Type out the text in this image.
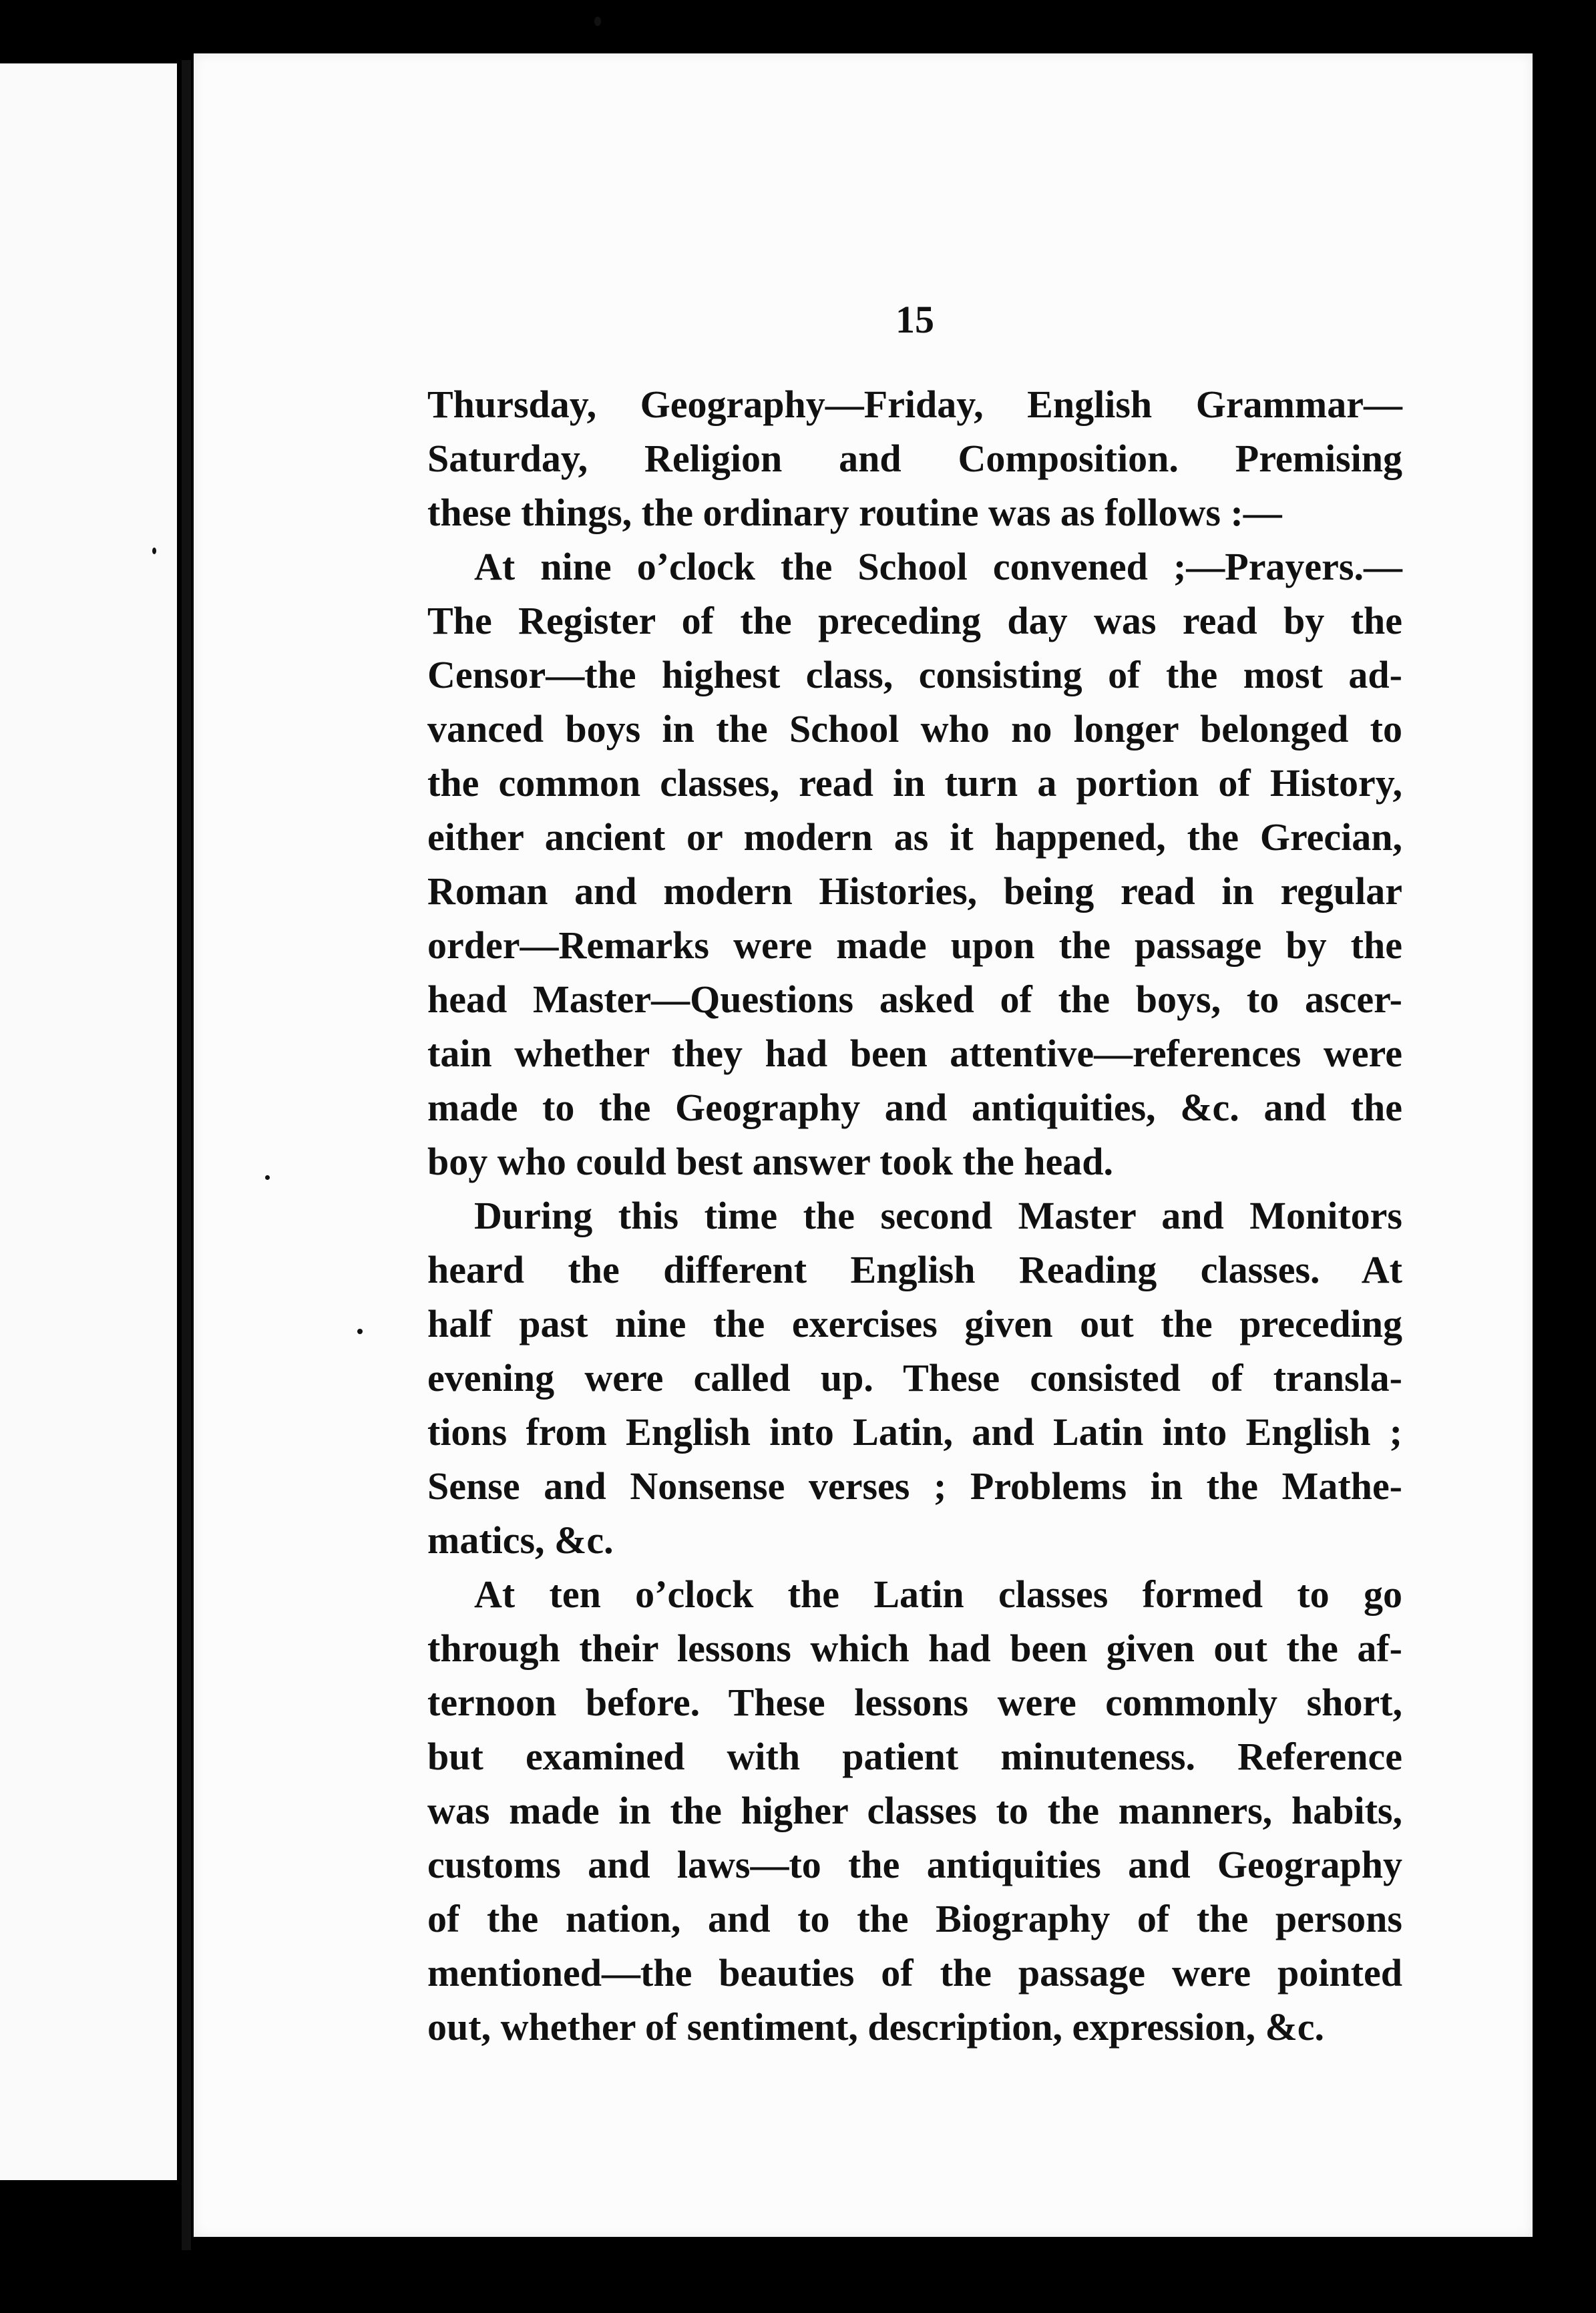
15
Thursday, Geography—Friday, English Grammar—
Saturday, Religion and Composition. Premising
these things, the ordinary routine was as follows :—
At nine o’clock the School convened ;—Prayers.—
The Register of the preceding day was read by the
Censor—the highest class, consisting of the most ad-
vanced boys in the School who no longer belonged to
the common classes, read in turn a portion of History,
either ancient or modern as it happened, the Grecian,
Roman and modern Histories, being read in regular
order—Remarks were made upon the passage by the
head Master—Questions asked of the boys, to ascer-
tain whether they had been attentive—references were
made to the Geography and antiquities, &c. and the
boy who could best answer took the head.
During this time the second Master and Monitors
heard the different English Reading classes. At
half past nine the exercises given out the preceding
evening were called up. These consisted of transla-
tions from English into Latin, and Latin into English ;
Sense and Nonsense verses ; Problems in the Mathe-
matics, &c.
At ten o’clock the Latin classes formed to go
through their lessons which had been given out the af-
ternoon before. These lessons were commonly short,
but examined with patient minuteness. Reference
was made in the higher classes to the manners, habits,
customs and laws—to the antiquities and Geography
of the nation, and to the Biography of the persons
mentioned—the beauties of the passage were pointed
out, whether of sentiment, description, expression, &c.
